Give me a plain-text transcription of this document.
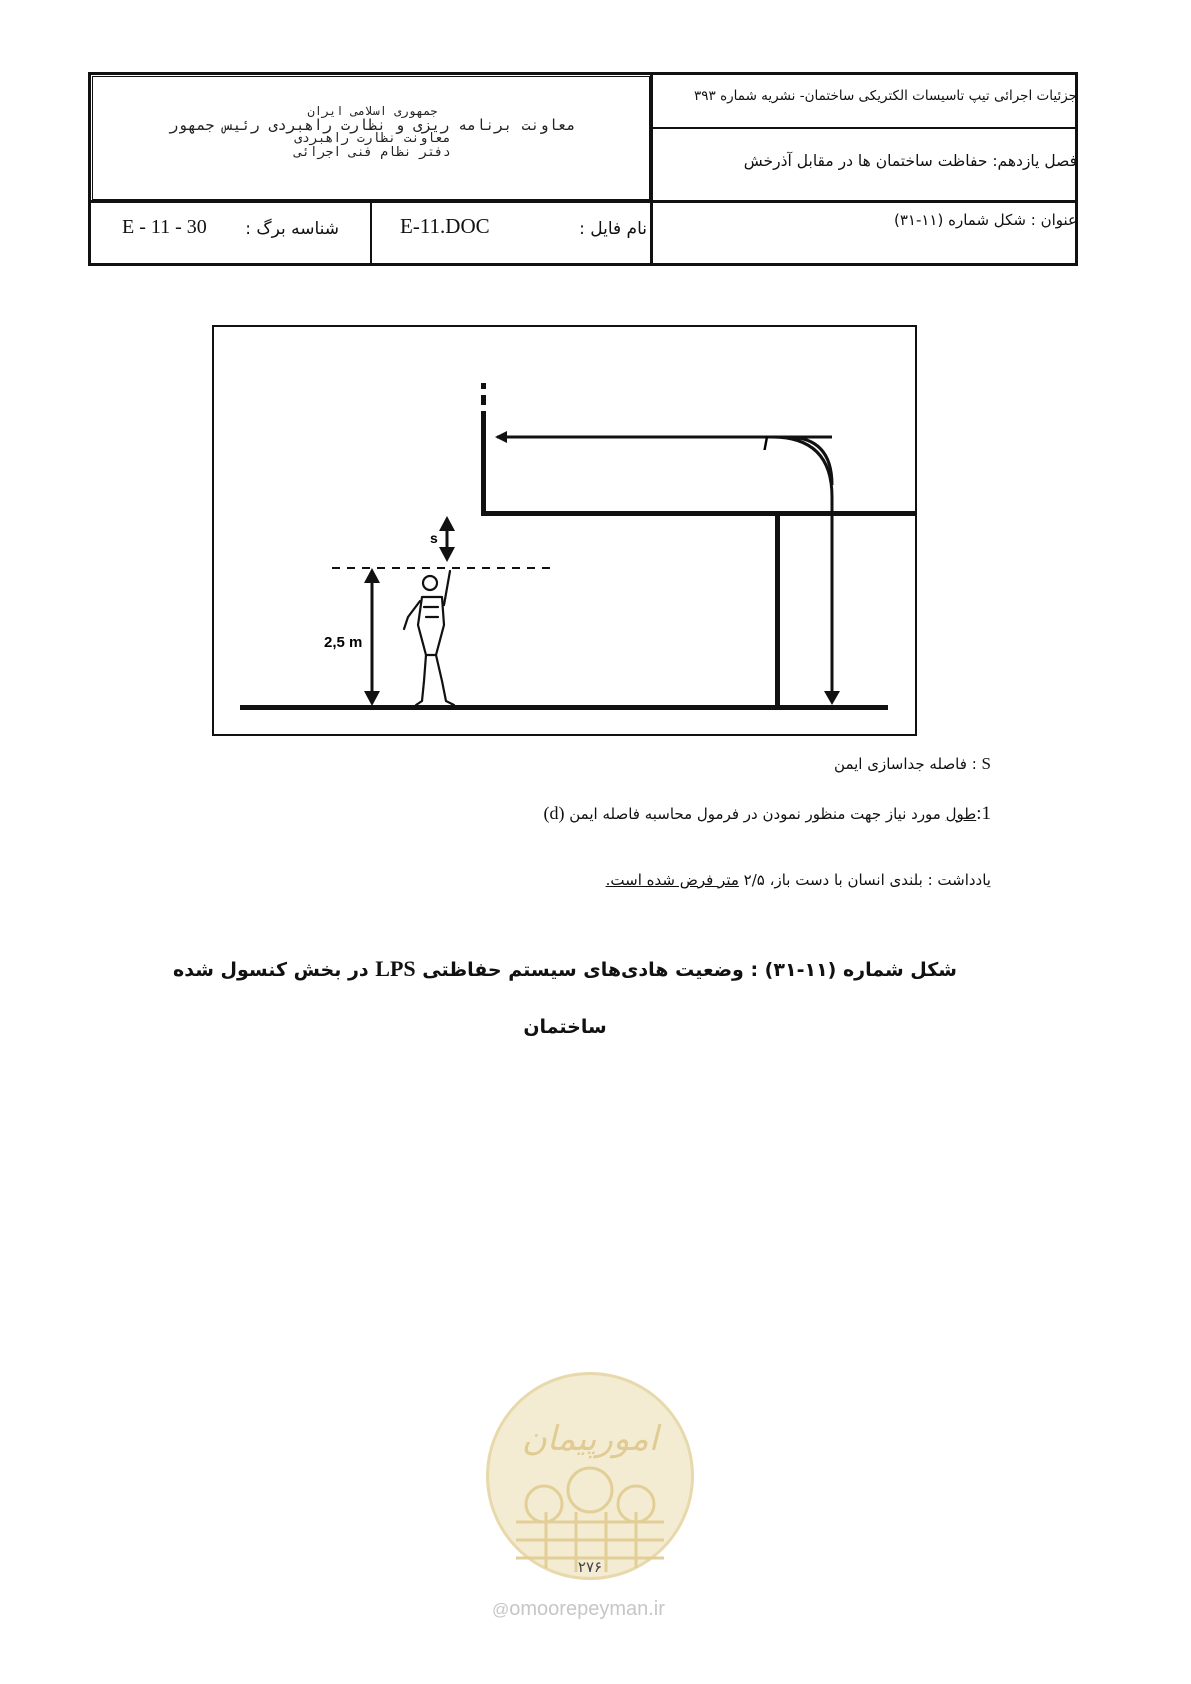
جزئیات اجرائی تیپ تاسیسات الکتریکی ساختمان- نشریه شماره ۳۹۳
فصل یازدهم: حفاظت ساختمان ها در مقابل آذرخش
عنوان : شکل شماره (۱۱-۳۱)
جمهوری اسلامی ایران
معاونت برنامه ریزی و نظارت راهبردی رئیس جمهور
معاونت نظارت راهبردی
دفتر نظام فنی اجرائی
نام فایل :
E-11.DOC
شناسه برگ :
E - 11 - 30
l
s
2,5 m
S : فاصله جداسازی ایمن
1:طول مورد نیاز جهت منظور نمودن در فرمول محاسبه فاصله ایمن (d)
یادداشت : بلندی انسان با دست باز، ۲/۵ متر فرض شده است.
شکل شماره (۱۱-۳۱) : وضعیت هادی‌های سیستم حفاظتی LPS در بخش کنسول شده
ساختمان
امورپیمان
۲۷۶
@omoorepeyman.ir
